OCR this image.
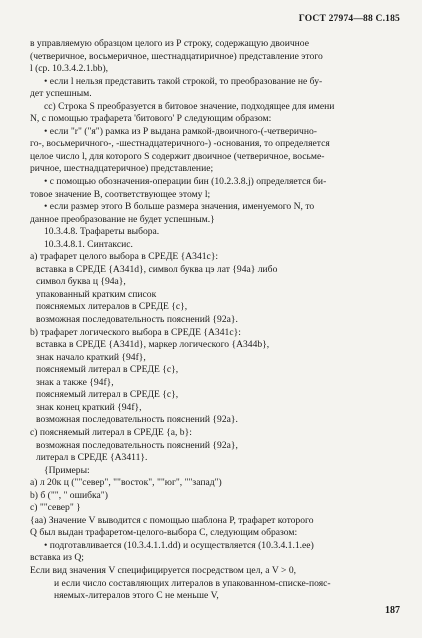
ГОСТ 27974—88 С.185
в управляемую образцом целого из Р строку, содержащую двоичное
(четверичное, восьмеричное, шестнадцатиричное) представление этого
l (ср. 10.3.4.2.1.bb),
• если l нельзя представить такой строкой, то преобразование не бу-
дет успешным.
cc) Строка S преобразуется в битовое значение, подходящее для имени
N, с помощью трафарета 'битового' Р следующим образом:
• если "r" ("я") рамка из Р выдана рамкой-двоичного-(-четверично-
го-, восьмеричного-, -шестнадцатеричного-) -основания, то определяется
целое число l, для которого S содержит двоичное (четверичное, восьме-
ричное, шестнадцатеричное) представление;
• с помощью обозначения-операции бин (10.2.3.8.j) определяется би-
товое значение В, соответствующее этому l;
• если размер этого В больше размера значения, именуемого N, то
данное преобразование не будет успешным.}
10.3.4.8. Трафареты выбора.
10.3.4.8.1. Синтаксис.
a) трафарет целого выбора в СРЕДЕ {A341c}:
вставка в СРЕДЕ {A341d}, символ буква цэ лат {94a} либо
символ буква ц {94a},
упакованный кратким список
поясняемых литералов в СРЕДЕ {c},
возможная последовательность пояснений {92a}.
b) трафарет логического выбора в СРЕДЕ {A341c}:
вставка в СРЕДЕ {A341d}, маркер логического {A344b},
знак начало краткий {94f},
поясняемый литерал в СРЕДЕ {c},
знак а также {94f},
поясняемый литерал в СРЕДЕ {c},
знак конец краткий {94f},
возможная последовательность пояснений {92a}.
c) поясняемый литерал в СРЕДЕ {a, b}:
возможная последовательность пояснений {92a},
литерал в СРЕДЕ {A3411}.
{Примеры:
a) л 20к ц (""север", ""восток", ""юг", ""запад")
b) б ("", " ошибка")
c) ""север" }
{аа) Значение V выводится с помощью шаблона Р, трафарет которого
Q был выдан трафаретом-целого-выбора С, следующим образом:
• подготавливается (10.3.4.1.1.dd) и осуществляется (10.3.4.1.1.ee)
вставка из Q;
Если вид значения V специфицируется посредством цел, а V > 0,
и если число составляющих литералов в упакованном-списке-пояс-
няемых-литералов этого С не меньше V,
187
